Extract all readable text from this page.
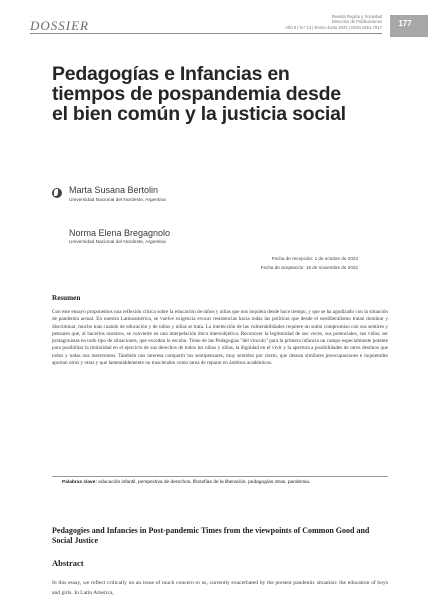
DOSSIER
Revista Región y Sociedad
Dirección de Publicaciones
Año 9 | N.º 14 | Enero-Junio 2023 | ISSN 2451-7917	177
Pedagogías e Infancias en tiempos de pospandemia desde el bien común y la justicia social
Marta Susana Bertolin
Universidad Nacional del Nordeste, Argentina
Norma Elena Bregagnolo
Universidad Nacional del Nordeste, Argentina
Fecha de recepción: 1 de octubre de 2022
Fecha de aceptación: 15 de noviembre de 2022
Resumen
Con este ensayo proponemos una reflexión crítica sobre la educación de niños y niñas que nos inquieta desde hace tiempo, y que se ha agudizado con la situación de pandemia actual. En nuestra Latinoamérica, se vuelve exigencia evocar resistencias hacia todas las políticas que desde el neoliberalismo tratan dominar y discriminar, mucho más cuando de educación y de niños y niñas se trata. La intelección de las vulnerabilidades requiere un sumo compromiso con sus sentires y pensares que, al hacerlos nuestros, se convierte en una interpelación ética intersubjetiva. Reconocer la legitimidad de sus voces, sus potenciales, sus vidas; ser protagonistas en todo tipo de situaciones, que excedan lo escolar. Tiene de las Pedagogías "del vínculo" para la primera infancia un campo especialmente potente para posibilitar la titularidad en el ejercicio de sus derechos de todos los niños y niñas, la dignidad en el vivir y la apertura a posibilidades de otros destinos que todos y todas nos merecemos. También nos interesa compartir los sentipensares, muy sentidos por cierto, que desean similares preocupaciones e inquietudes aportan otros y otras y que lamentablemente no trascienden como tarea de reparar en ámbitos académicos.
Palabras clave: educación infantil, perspectiva de derechos, filosofías de la liberación, pedagogías otras, pandemia.
Pedagogies and Infancies in Post-pandemic Times from the viewpoints of Common Good and Social Justice
Abstract
In this essay, we reflect critically on an issue of much concern to us, currently exacerbated by the present pandemic situation: the education of boys and girls. In Latin America,
